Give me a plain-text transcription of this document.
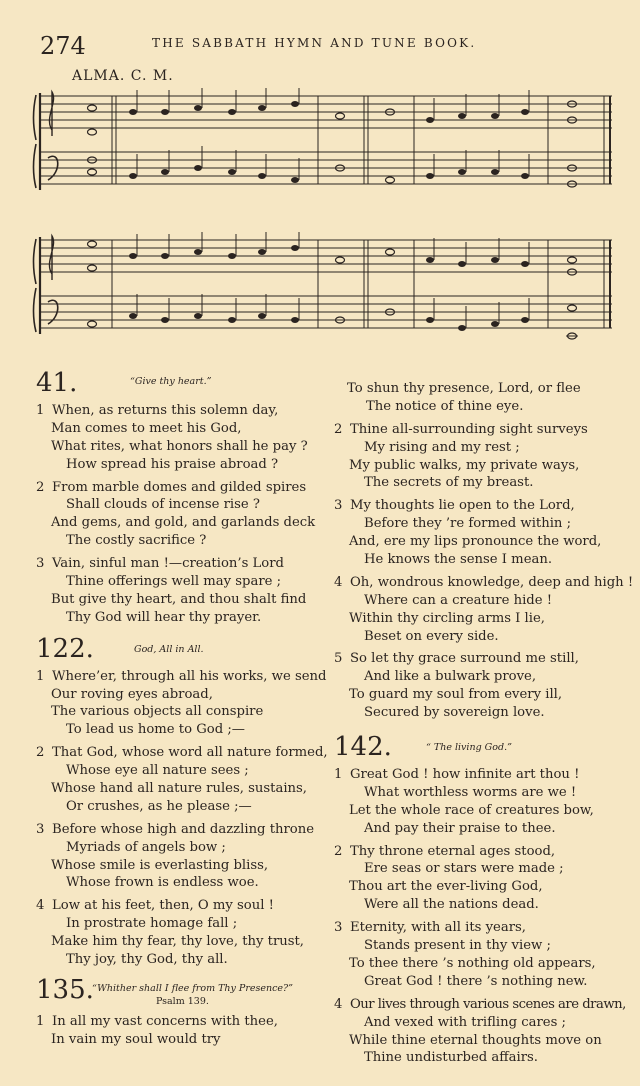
274	THE SABBATH HYMN AND TUNE BOOK.
ALMA. C. M.
41.	“Give thy heart.”
1 When, as returns this solemn day,
Man comes to meet his God,
What rites, what honors shall he pay ?
How spread his praise abroad ?
2 From marble domes and gilded spires
Shall clouds of incense rise ?
And gems, and gold, and garlands deck
The costly sacrifice ?
3 Vain, sinful man !—creation’s Lord
Thine offerings well may spare ;
But give thy heart, and thou shalt find
Thy God will hear thy prayer.
122.	God, All in All.
1 Where’er, through all his works, we send
Our roving eyes abroad,
The various objects all conspire
To lead us home to God ;—
2 That God, whose word all nature formed,
Whose eye all nature sees ;
Whose hand all nature rules, sustains,
Or crushes, as he please ;—
3 Before whose high and dazzling throne
Myriads of angels bow ;
Whose smile is everlasting bliss,
Whose frown is endless woe.
4 Low at his feet, then, O my soul !
In prostrate homage fall ;
Make him thy fear, thy love, thy trust,
Thy joy, thy God, thy all.
135.
“Whither shall I flee from Thy Presence?”
Psalm 139.
1 In all my vast concerns with thee,
In vain my soul would try
To shun thy presence, Lord, or flee
The notice of thine eye.
2 Thine all-surrounding sight surveys
My rising and my rest ;
My public walks, my private ways,
The secrets of my breast.
3 My thoughts lie open to the Lord,
Before they ’re formed within ;
And, ere my lips pronounce the word,
He knows the sense I mean.
4 Oh, wondrous knowledge, deep and high !
Where can a creature hide !
Within thy circling arms I lie,
Beset on every side.
5 So let thy grace surround me still,
And like a bulwark prove,
To guard my soul from every ill,
Secured by sovereign love.
142.	“ The living God.”
1 Great God ! how infinite art thou !
What worthless worms are we !
Let the whole race of creatures bow,
And pay their praise to thee.
2 Thy throne eternal ages stood,
Ere seas or stars were made ;
Thou art the ever-living God,
Were all the nations dead.
3 Eternity, with all its years,
Stands present in thy view ;
To thee there ’s nothing old appears,
Great God ! there ’s nothing new.
4 Our lives through various scenes are drawn,
And vexed with trifling cares ;
While thine eternal thoughts move on
Thine undisturbed affairs.
